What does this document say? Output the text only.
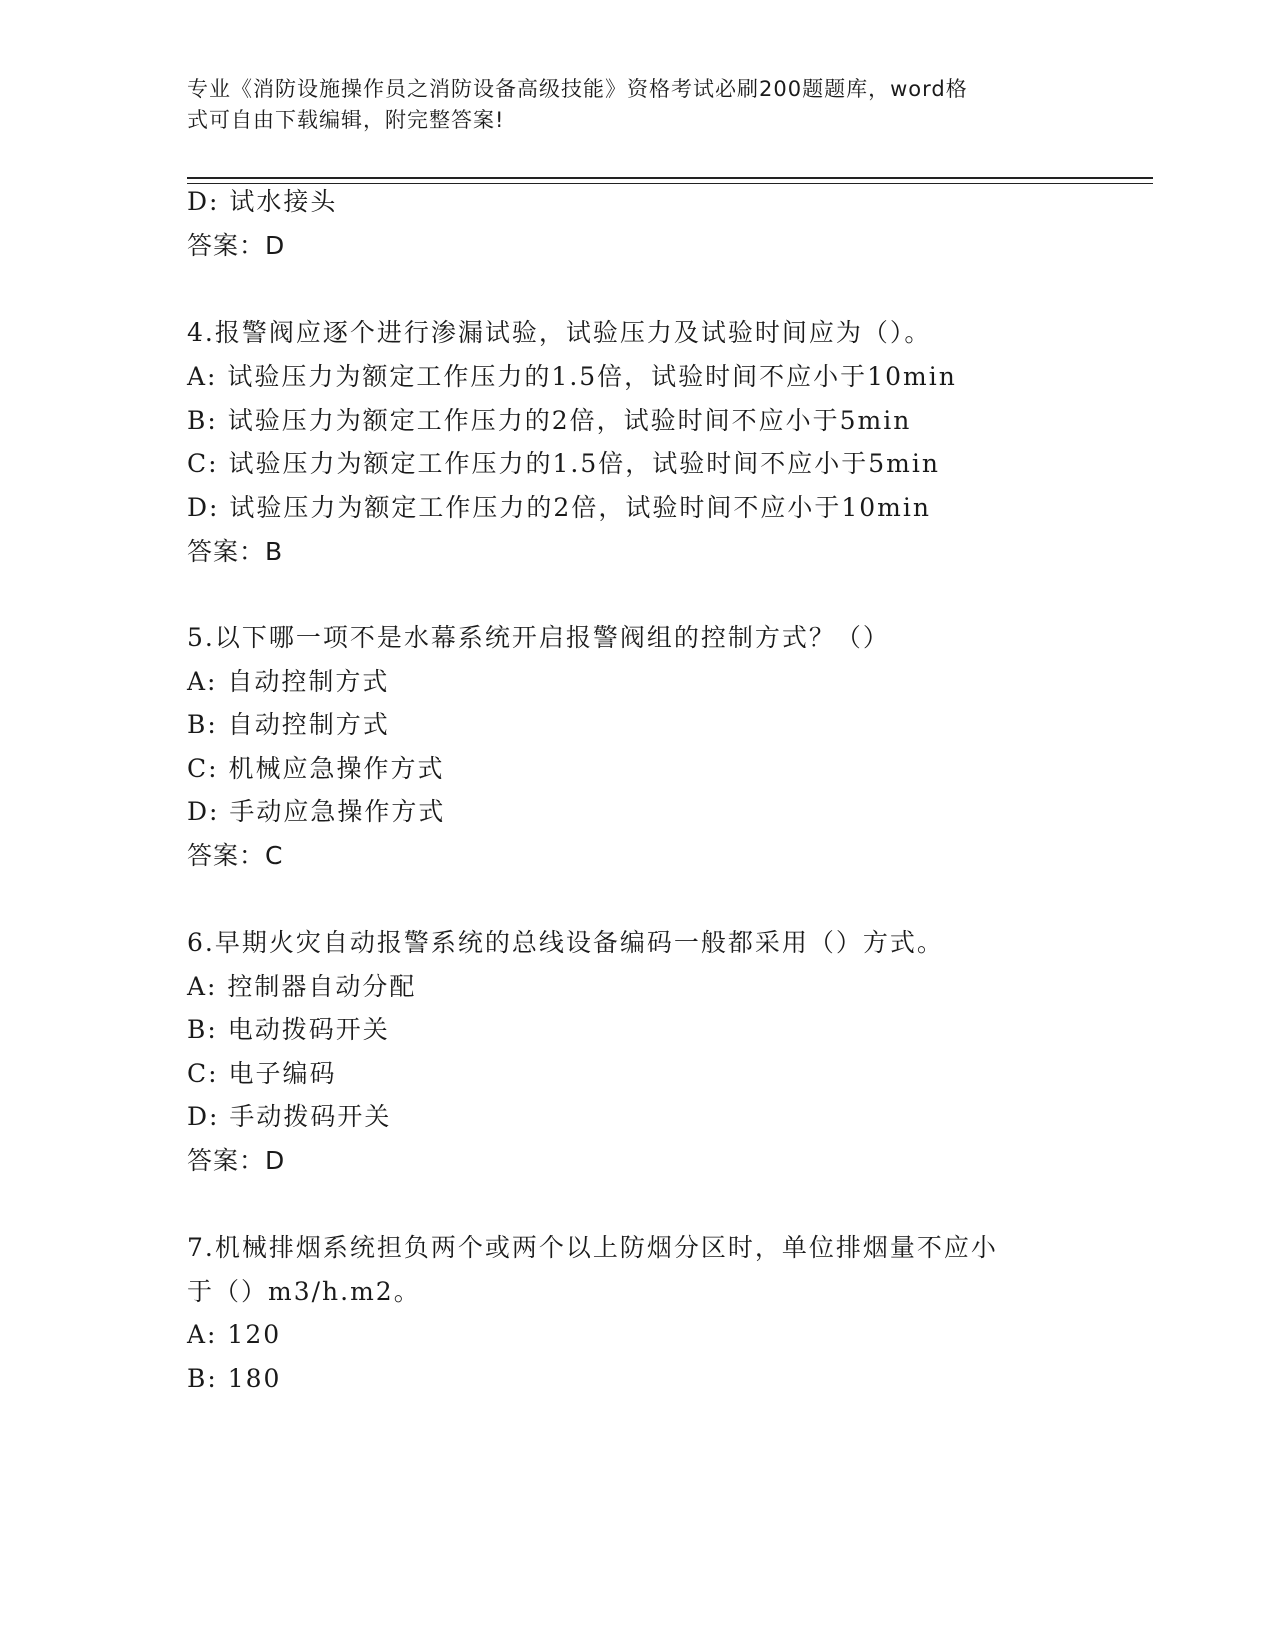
专业《消防设施操作员之消防设备高级技能》资格考试必刷200题题库，word格
式可自由下载编辑，附完整答案!
D: 试水接头
答案：D
4.报警阀应逐个进行渗漏试验，试验压力及试验时间应为（）。
A: 试验压力为额定工作压力的1.5倍，试验时间不应小于10min
B: 试验压力为额定工作压力的2倍，试验时间不应小于5min
C: 试验压力为额定工作压力的1.5倍，试验时间不应小于5min
D: 试验压力为额定工作压力的2倍，试验时间不应小于10min
答案：B
5.以下哪一项不是水幕系统开启报警阀组的控制方式？（）
A: 自动控制方式
B: 自动控制方式
C: 机械应急操作方式
D: 手动应急操作方式
答案：C
6.早期火灾自动报警系统的总线设备编码一般都采用（）方式。
A: 控制器自动分配
B: 电动拨码开关
C: 电子编码
D: 手动拨码开关
答案：D
7.机械排烟系统担负两个或两个以上防烟分区时，单位排烟量不应小
于（）m3/h.m2。
A: 120
B: 180
